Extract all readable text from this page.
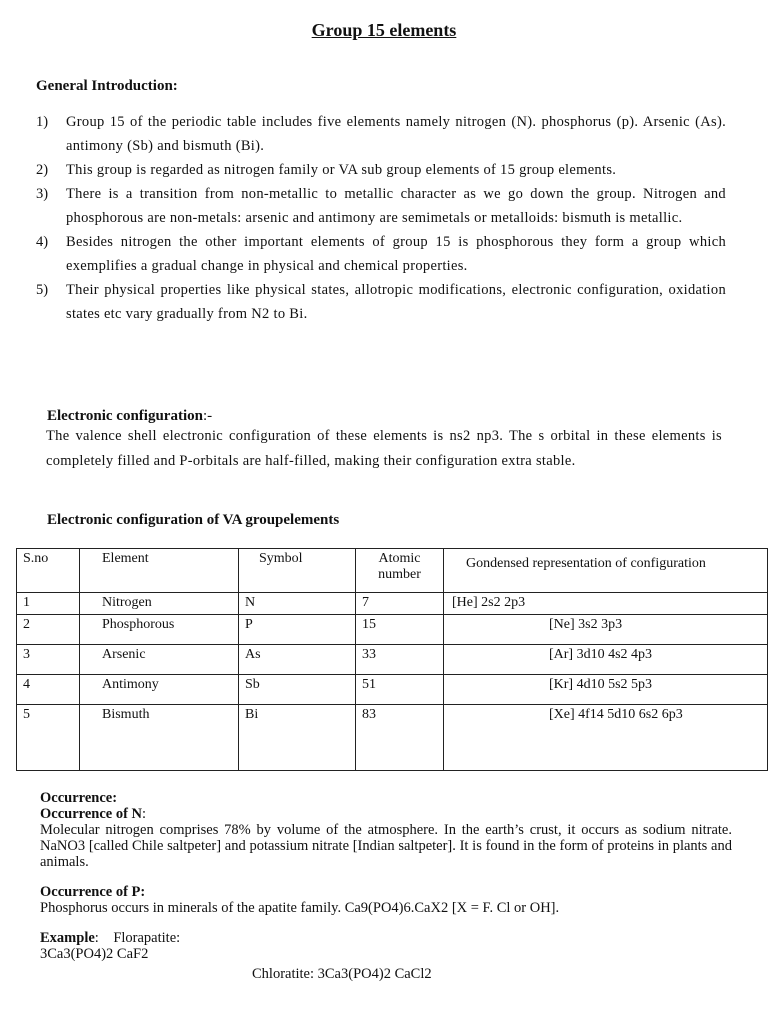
Group 15 elements
General Introduction:
1)	Group 15 of the periodic table includes five elements namely nitrogen (N). phosphorus (p). Arsenic (As). antimony (Sb) and bismuth (Bi).
2)	This group is regarded as nitrogen family or VA sub group elements of 15 group elements.
3)	There is a transition from non-metallic to metallic character as we go down the group. Nitrogen and phosphorous are non-metals: arsenic and antimony are semimetals or metalloids: bismuth is metallic.
4)	Besides nitrogen the other important elements of group 15 is phosphorous they form a group which exemplifies a gradual change in physical and chemical properties.
5)	Their physical properties like physical states, allotropic modifications, electronic configuration, oxidation states etc vary gradually from N2 to Bi.
Electronic configuration:-
The valence shell electronic configuration of these elements is ns2 np3. The s orbital in these elements is completely filled and P-orbitals are half-filled, making their configuration extra stable.
Electronic configuration of VA groupelements
S.no	Element	Symbol	Atomic number	Gondensed representation of configuration
1	Nitrogen	N	7	[He] 2s2 2p3
2	Phosphorous	P	15	[Ne] 3s2 3p3
3	Arsenic	As	33	[Ar] 3d10 4s2 4p3
4	Antimony	Sb	51	[Kr] 4d10 5s2 5p3
5	Bismuth	Bi	83	[Xe] 4f14 5d10 6s2 6p3
Occurrence:
Occurrence of N:
Molecular nitrogen comprises 78% by volume of the atmosphere. In the earth’s crust, it occurs as sodium nitrate. NaNO3 [called Chile saltpeter] and potassium nitrate [Indian saltpeter]. It is found in the form of proteins in plants and animals.
Occurrence of P:
Phosphorus occurs in minerals of the apatite family. Ca9(PO4)6.CaX2 [X = F. Cl or OH].
Example: Florapatite:
3Ca3(PO4)2 CaF2
Chloratite: 3Ca3(PO4)2 CaCl2
